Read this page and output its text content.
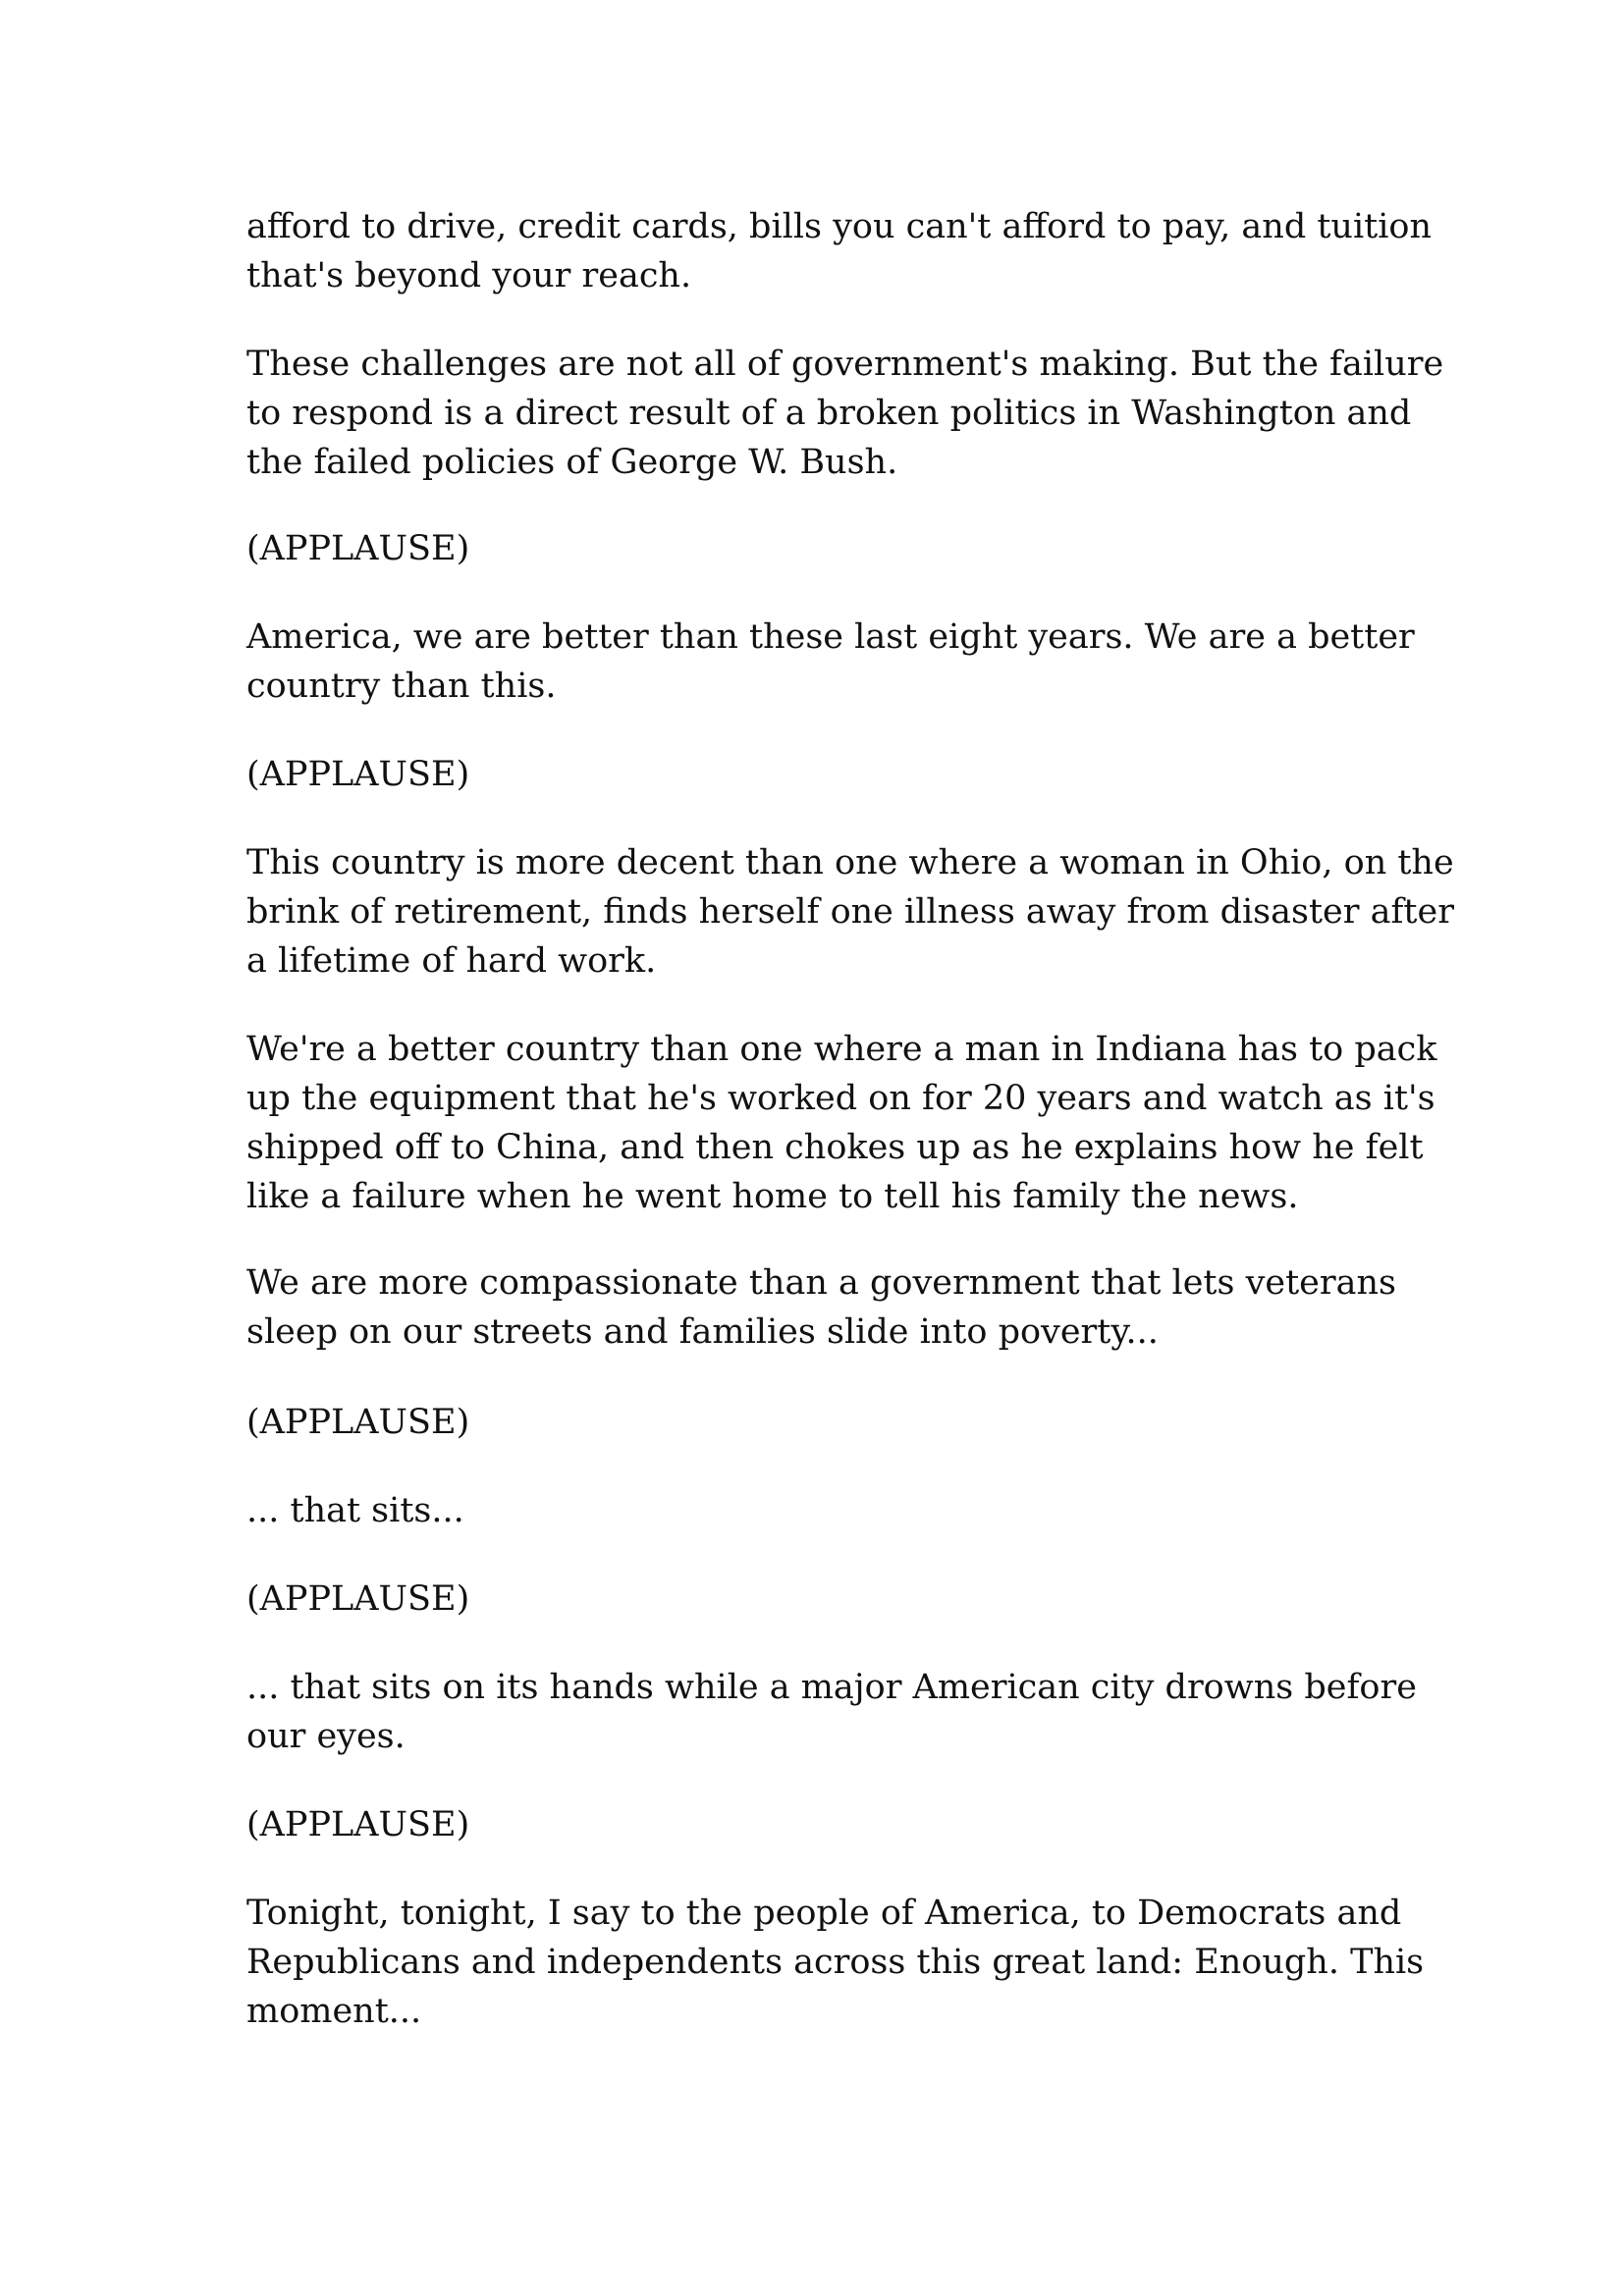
afford to drive, credit cards, bills you can't afford to pay, and tuition
that's beyond your reach.

These challenges are not all of government's making. But the failure
to respond is a direct result of a broken politics in Washington and
the failed policies of George W. Bush.

(APPLAUSE)

America, we are better than these last eight years. We are a better
country than this.

(APPLAUSE)

This country is more decent than one where a woman in Ohio, on the
brink of retirement, finds herself one illness away from disaster after
a lifetime of hard work.

We're a better country than one where a man in Indiana has to pack
up the equipment that he's worked on for 20 years and watch as it's
shipped off to China, and then chokes up as he explains how he felt
like a failure when he went home to tell his family the news.

We are more compassionate than a government that lets veterans
sleep on our streets and families slide into poverty...

(APPLAUSE)

... that sits...

(APPLAUSE)

... that sits on its hands while a major American city drowns before
our eyes.

(APPLAUSE)

Tonight, tonight, I say to the people of America, to Democrats and
Republicans and independents across this great land: Enough. This
moment...
